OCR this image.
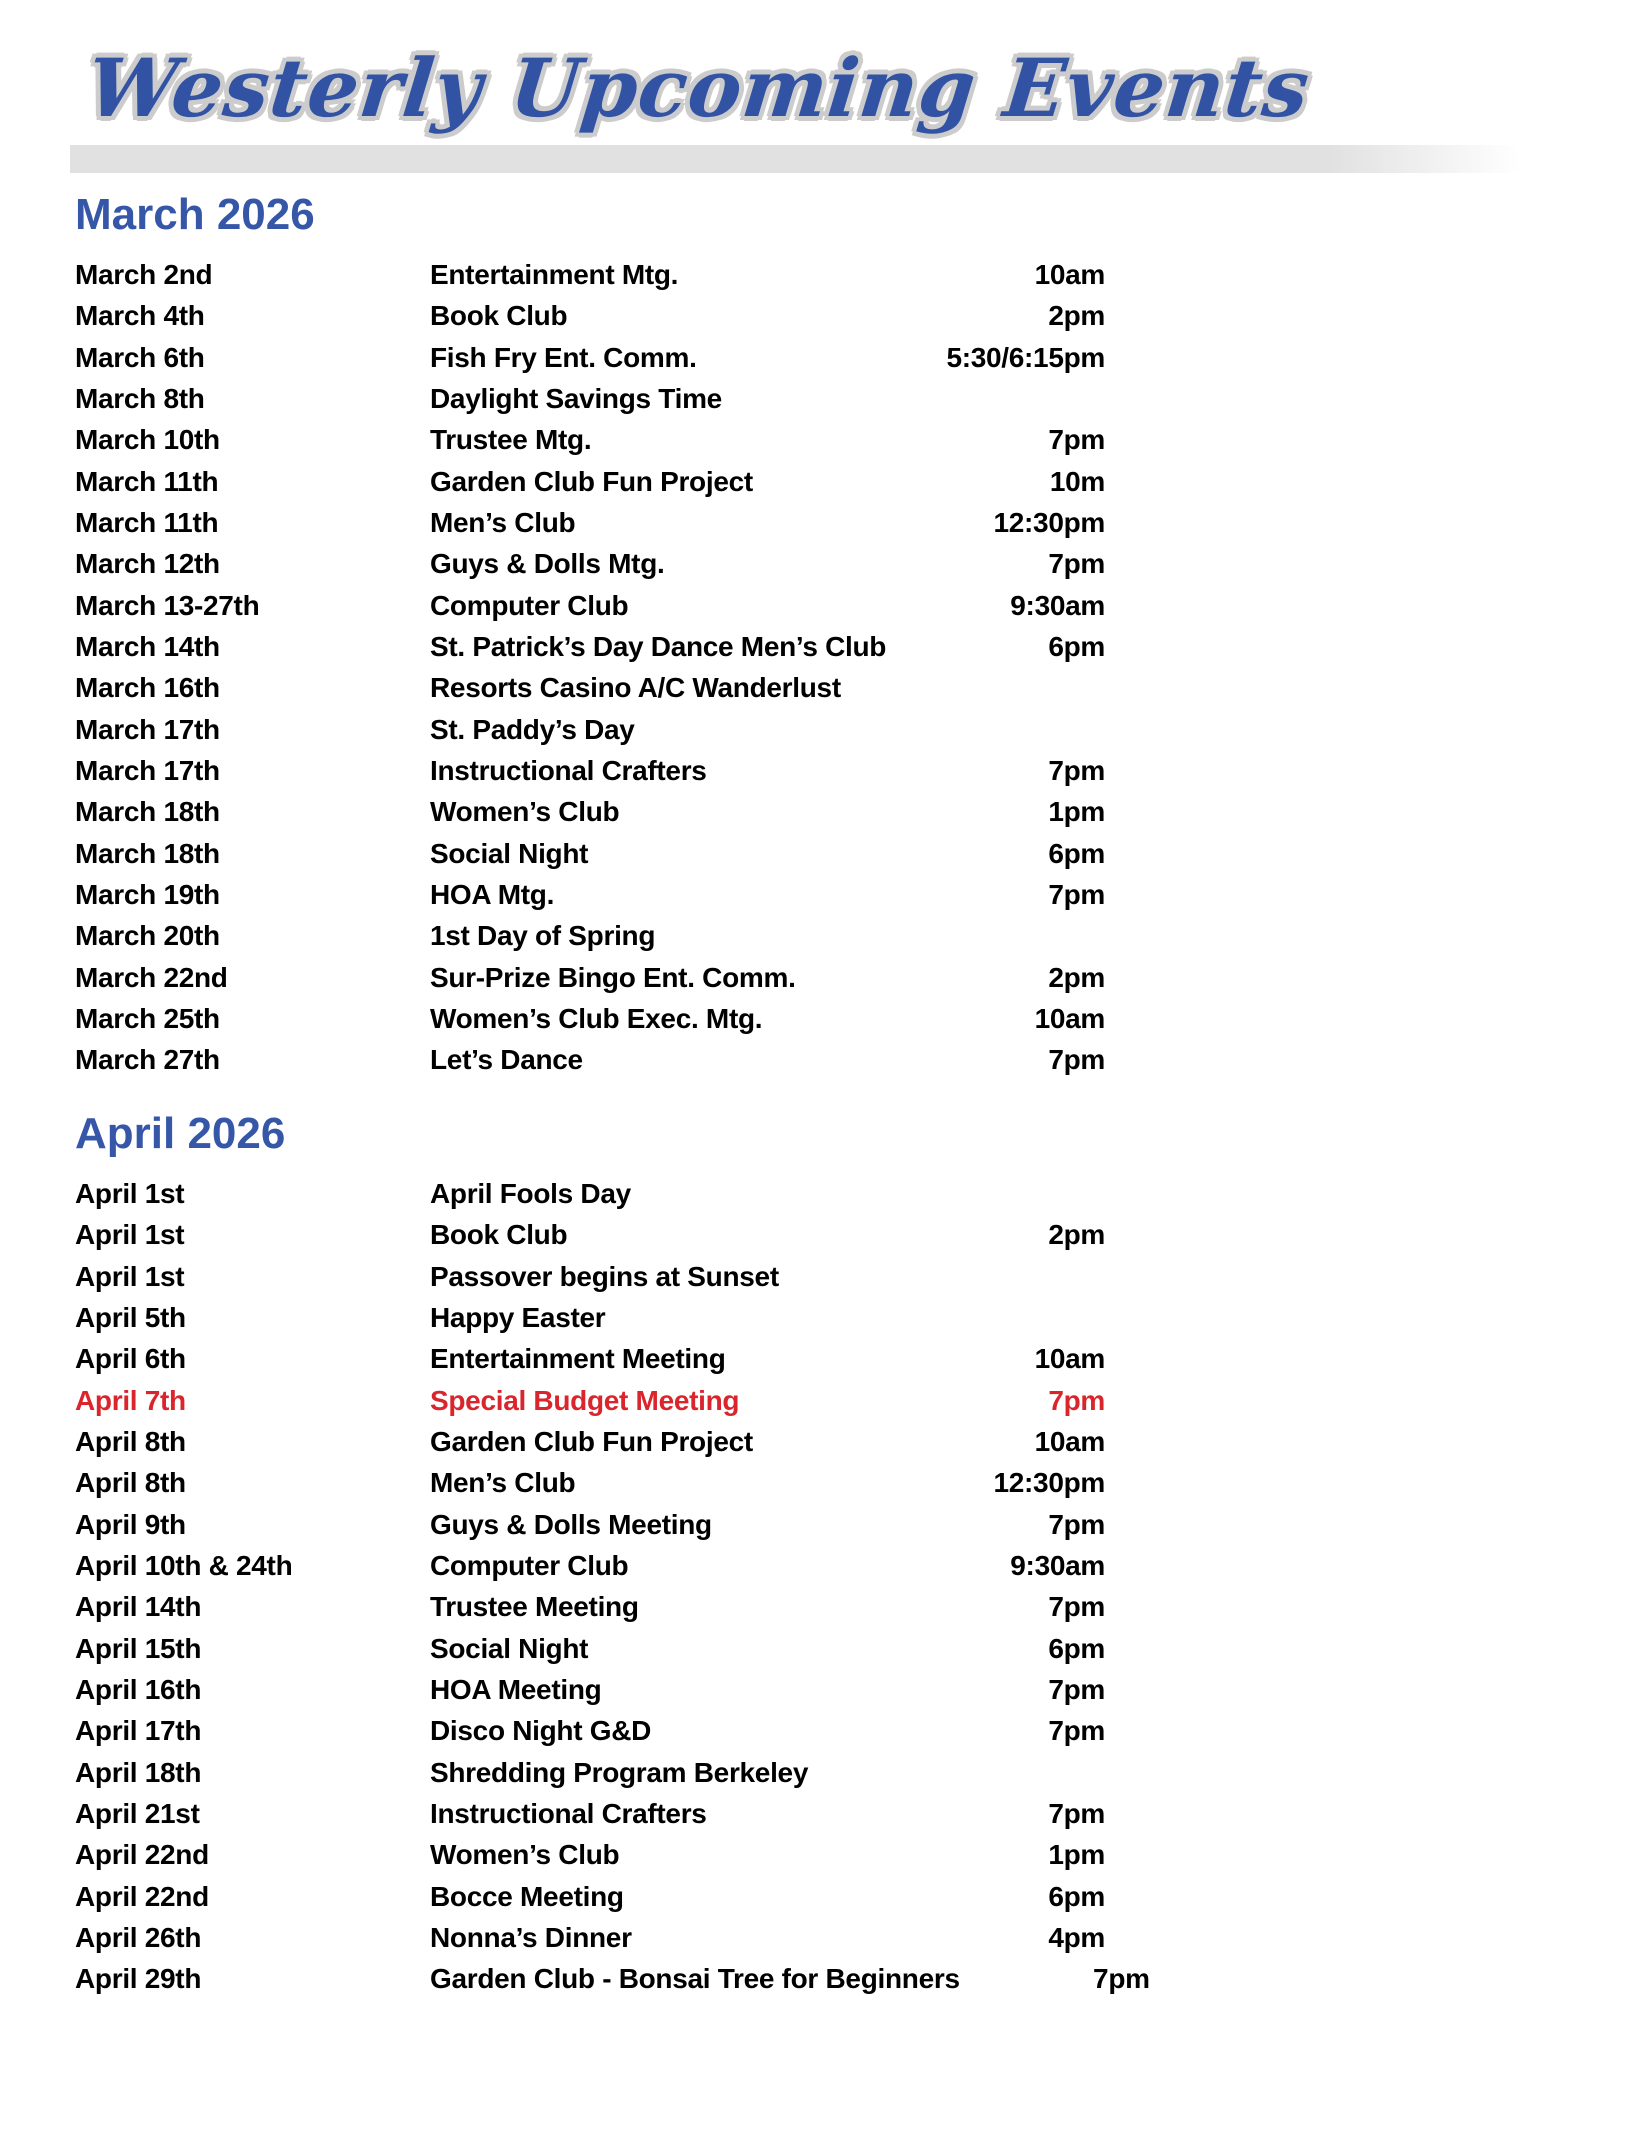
Westerly Upcoming Events
March 2026
March 2nd	Entertainment Mtg.	10am
March 4th	Book Club	2pm
March 6th	Fish Fry Ent. Comm.	5:30/6:15pm
March 8th	Daylight Savings Time
March 10th	Trustee Mtg.	7pm
March 11th	Garden Club Fun Project	10m
March 11th	Men’s Club	12:30pm
March 12th	Guys & Dolls Mtg.	7pm
March 13-27th	Computer Club	9:30am
March 14th	St. Patrick’s Day Dance Men’s Club	6pm
March 16th	Resorts Casino A/C Wanderlust
March 17th	St. Paddy’s Day
March 17th	Instructional Crafters	7pm
March 18th	Women’s Club	1pm
March 18th	Social Night	6pm
March 19th	HOA Mtg.	7pm
March 20th	1st Day of Spring
March 22nd	Sur-Prize Bingo Ent. Comm.	2pm
March 25th	Women’s Club Exec. Mtg.	10am
March 27th	Let’s Dance	7pm
April 2026
April 1st	April Fools Day
April 1st	Book Club	2pm
April 1st	Passover begins at Sunset
April 5th	Happy Easter
April 6th	Entertainment Meeting	10am
April 7th	Special Budget Meeting	7pm
April 8th	Garden Club Fun Project	10am
April 8th	Men’s Club	12:30pm
April 9th	Guys & Dolls Meeting	7pm
April 10th & 24th	Computer Club	9:30am
April 14th	Trustee Meeting	7pm
April 15th	Social Night	6pm
April 16th	HOA Meeting	7pm
April 17th	Disco Night G&D	7pm
April 18th	Shredding Program Berkeley
April 21st	Instructional Crafters	7pm
April 22nd	Women’s Club	1pm
April 22nd	Bocce Meeting	6pm
April 26th	Nonna’s Dinner	4pm
April 29th	Garden Club - Bonsai Tree for Beginners	7pm
